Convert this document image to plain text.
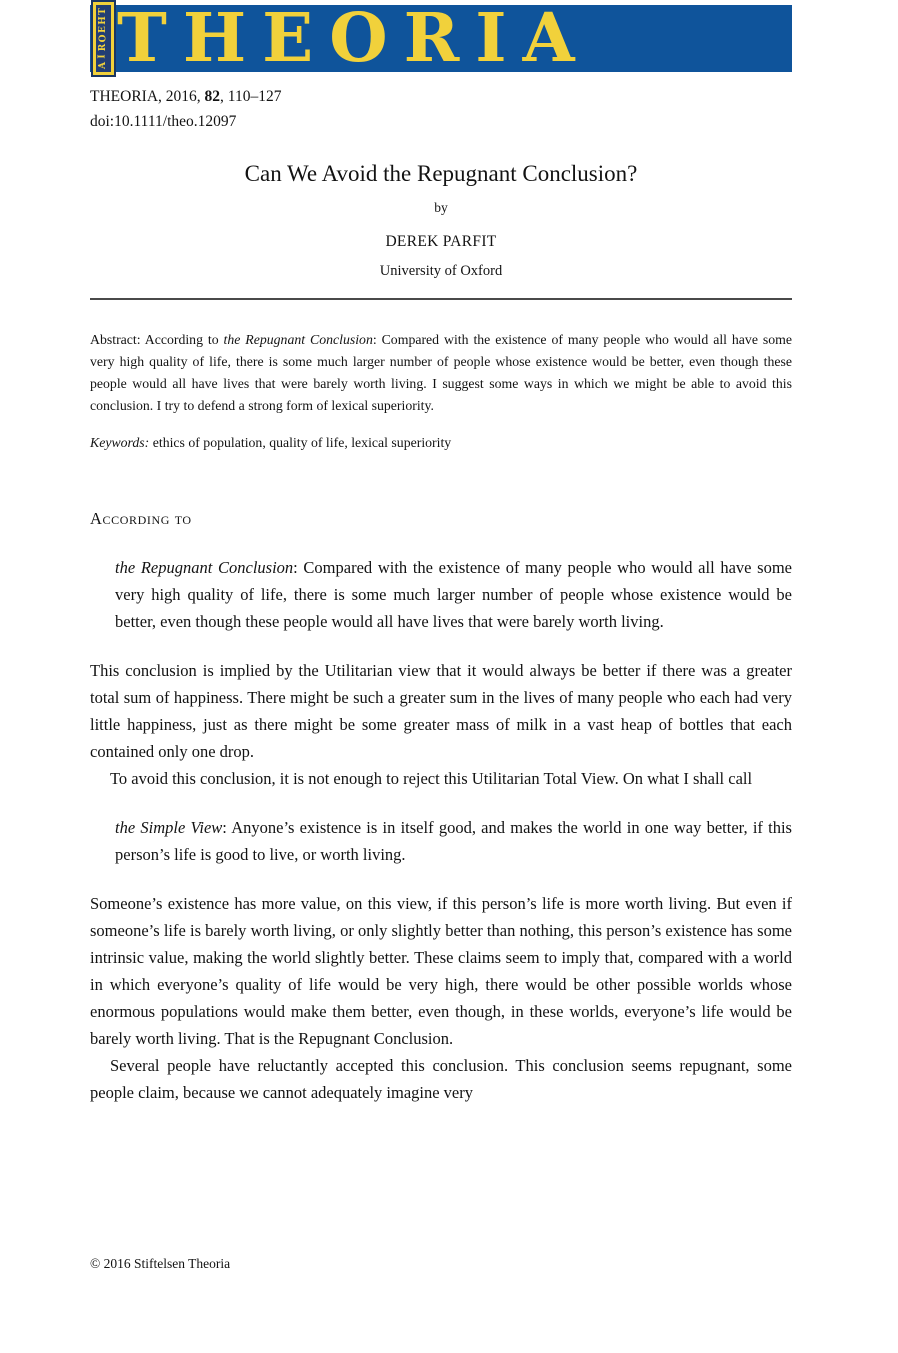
T
H
E
O
R
I
A THEORIA
THEORIA, 2016, 82, 110–127
doi:10.1111/theo.12097
Can We Avoid the Repugnant Conclusion?
by
DEREK PARFIT
University of Oxford

Abstract: According to the Repugnant Conclusion: Compared with the existence of many people who would all have some very high quality of life, there is some much larger number of people whose existence would be better, even though these people would all have lives that were barely worth living. I suggest some ways in which we might be able to avoid this conclusion. I try to defend a strong form of lexical superiority.

Keywords: ethics of population, quality of life, lexical superiority

According to

the Repugnant Conclusion: Compared with the existence of many people who would all have some very high quality of life, there is some much larger number of people whose existence would be better, even though these people would all have lives that were barely worth living.

This conclusion is implied by the Utilitarian view that it would always be better if there was a greater total sum of happiness. There might be such a greater sum in the lives of many people who each had very little happiness, just as there might be some greater mass of milk in a vast heap of bottles that each contained only one drop.

To avoid this conclusion, it is not enough to reject this Utilitarian Total View. On what I shall call

the Simple View: Anyone’s existence is in itself good, and makes the world in one way better, if this person’s life is good to live, or worth living.

Someone’s existence has more value, on this view, if this person’s life is more worth living. But even if someone’s life is barely worth living, or only slightly better than nothing, this person’s existence has some intrinsic value, making the world slightly better. These claims seem to imply that, compared with a world in which everyone’s quality of life would be very high, there would be other possible worlds whose enormous populations would make them better, even though, in these worlds, everyone’s life would be barely worth living. That is the Repugnant Conclusion.

Several people have reluctantly accepted this conclusion. This conclusion seems repugnant, some people claim, because we cannot adequately imagine very

© 2016 Stiftelsen Theoria
